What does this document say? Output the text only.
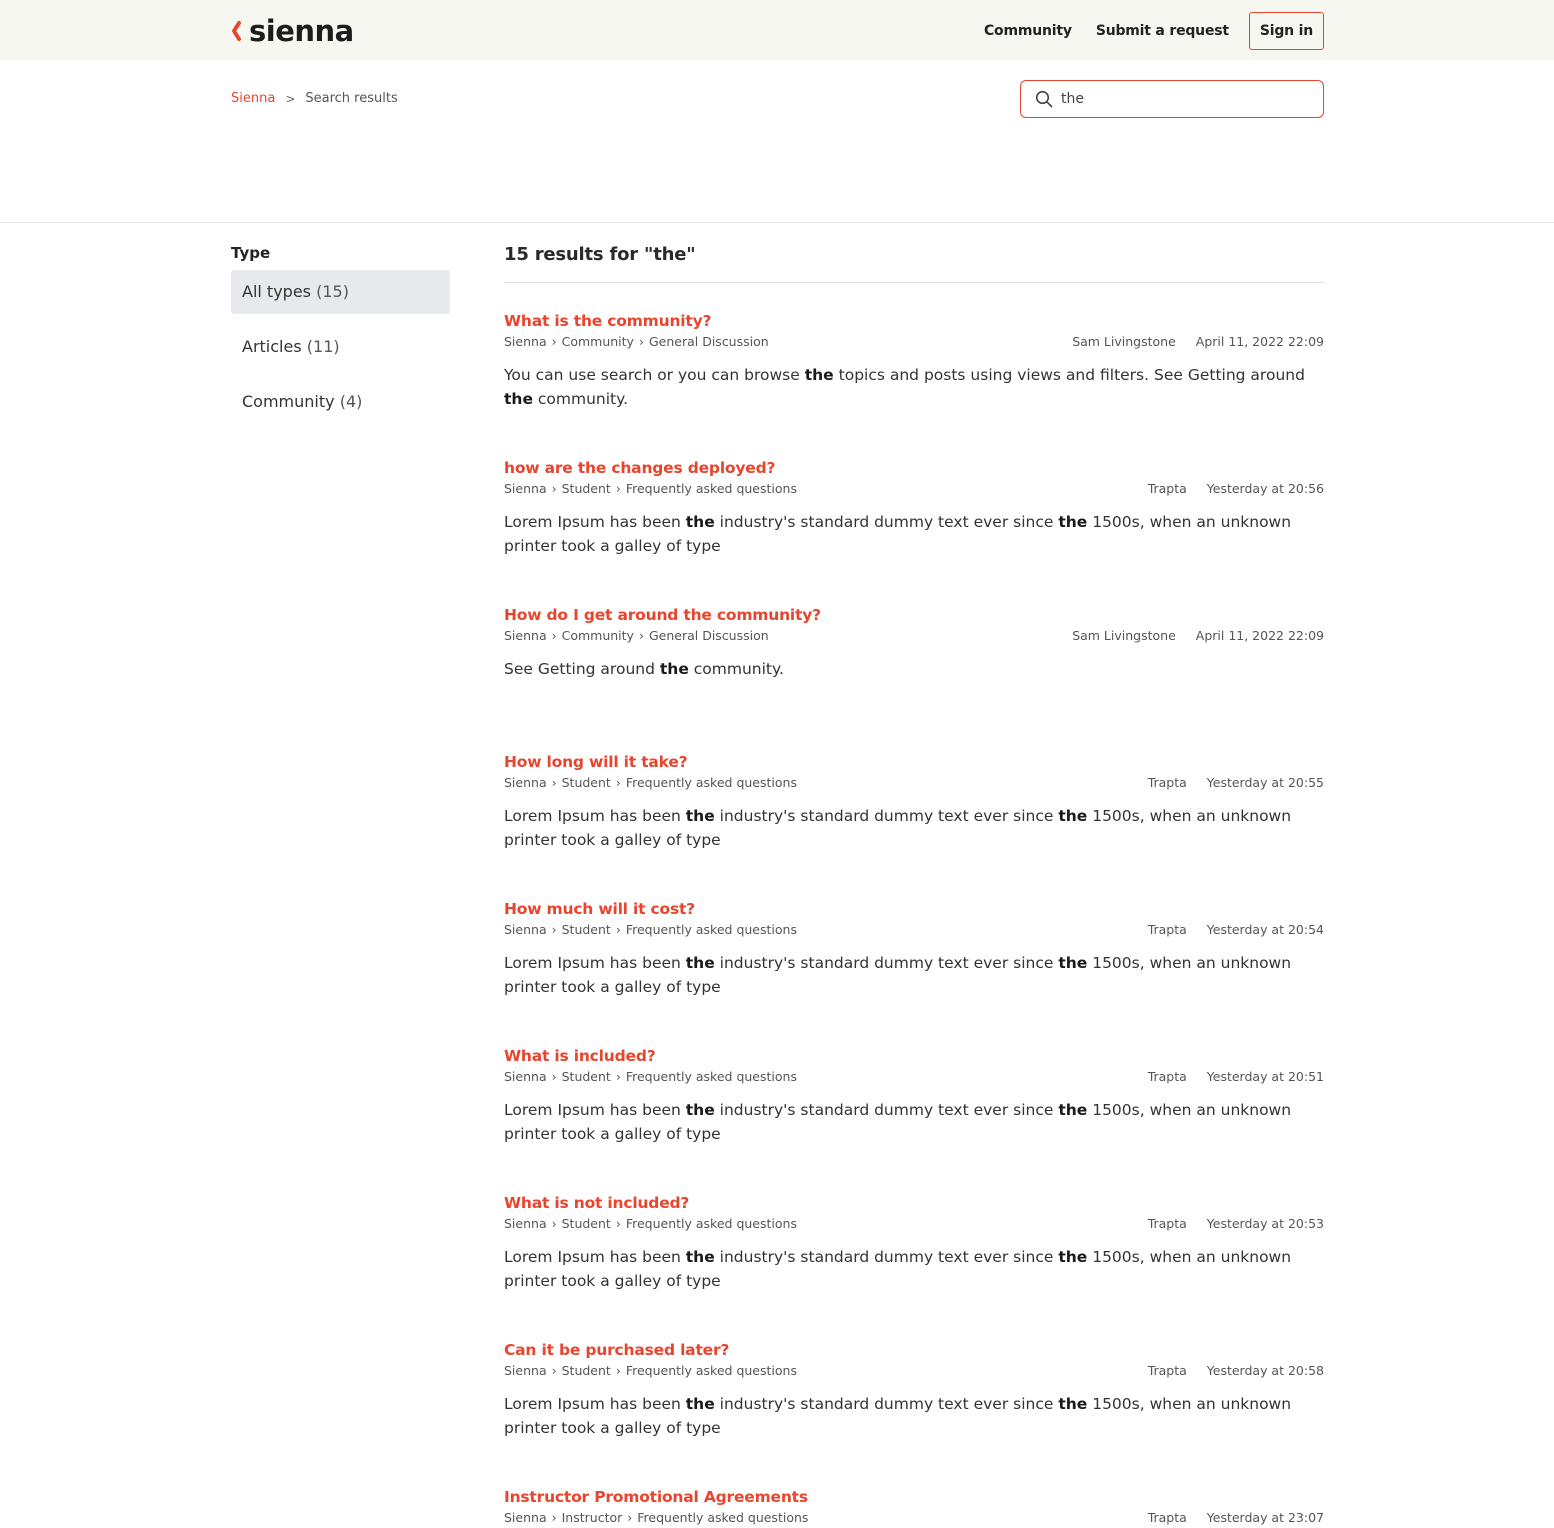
sienna	Community Submit a request	Sign in
Sienna > Search results
the
Type
All types (15)
Articles (11)
Community (4)
15 results for "the"
What is the community?
Sienna › Community › General Discussion	Sam Livingstone April 11, 2022 22:09
You can use search or you can browse the topics and posts using views and filters. See Getting around the community.
how are the changes deployed?
Sienna › Student › Frequently asked questions	Trapta Yesterday at 20:56
Lorem Ipsum has been the industry's standard dummy text ever since the 1500s, when an unknown printer took a galley of type
How do I get around the community?
Sienna › Community › General Discussion	Sam Livingstone April 11, 2022 22:09
See Getting around the community.
How long will it take?
Sienna › Student › Frequently asked questions	Trapta Yesterday at 20:55
Lorem Ipsum has been the industry's standard dummy text ever since the 1500s, when an unknown printer took a galley of type
How much will it cost?
Sienna › Student › Frequently asked questions	Trapta Yesterday at 20:54
Lorem Ipsum has been the industry's standard dummy text ever since the 1500s, when an unknown printer took a galley of type
What is included?
Sienna › Student › Frequently asked questions	Trapta Yesterday at 20:51
Lorem Ipsum has been the industry's standard dummy text ever since the 1500s, when an unknown printer took a galley of type
What is not included?
Sienna › Student › Frequently asked questions	Trapta Yesterday at 20:53
Lorem Ipsum has been the industry's standard dummy text ever since the 1500s, when an unknown printer took a galley of type
Can it be purchased later?
Sienna › Student › Frequently asked questions	Trapta Yesterday at 20:58
Lorem Ipsum has been the industry's standard dummy text ever since the 1500s, when an unknown printer took a galley of type
Instructor Promotional Agreements
Sienna › Instructor › Frequently asked questions	Trapta Yesterday at 23:07
